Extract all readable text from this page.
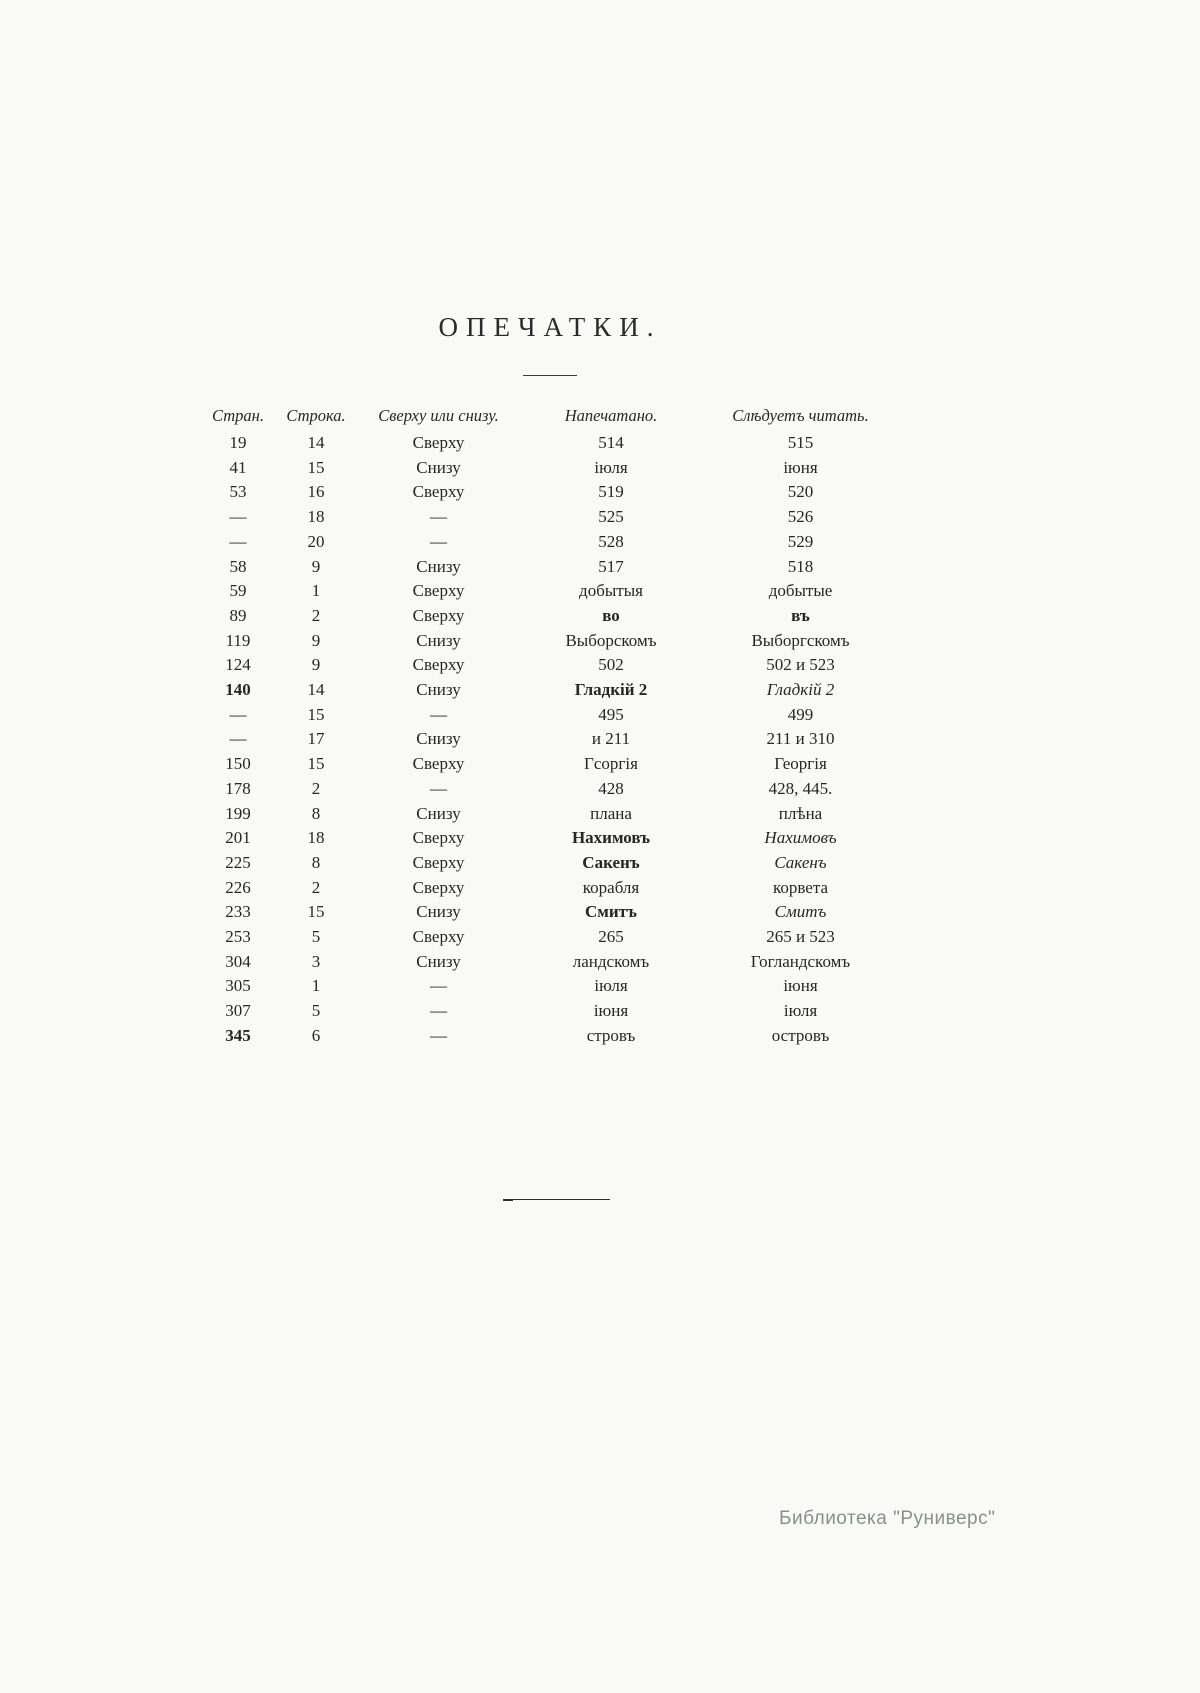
ОПЕЧАТКИ.
Стран.	Строка.	Сверху или снизу.	Напечатано.	Слѣдуетъ читать.
19	14	Сверху	514	515
41	15	Снизу	іюля	іюня
53	16	Сверху	519	520
—	18	—	525	526
—	20	—	528	529
58	9	Снизу	517	518
59	1	Сверху	добытыя	добытые
89	2	Сверху	во	въ
119	9	Снизу	Выборскомъ	Выборгскомъ
124	9	Сверху	502	502 и 523
140	14	Снизу	Гладкій 2	Гладкій 2
—	15	—	495	499
—	17	Снизу	и 211	211 и 310
150	15	Сверху	Гсоргія	Георгія
178	2	—	428	428, 445.
199	8	Снизу	плана	плѣна
201	18	Сверху	Нахимовъ	Нахимовъ
225	8	Сверху	Сакенъ	Сакенъ
226	2	Сверху	корабля	корвета
233	15	Снизу	Смитъ	Смитъ
253	5	Сверху	265	265 и 523
304	3	Снизу	ландскомъ	Гогландскомъ
305	1	—	іюля	іюня
307	5	—	іюня	іюля
345	6	—	стровъ	островъ
Библиотека "Руниверс"
